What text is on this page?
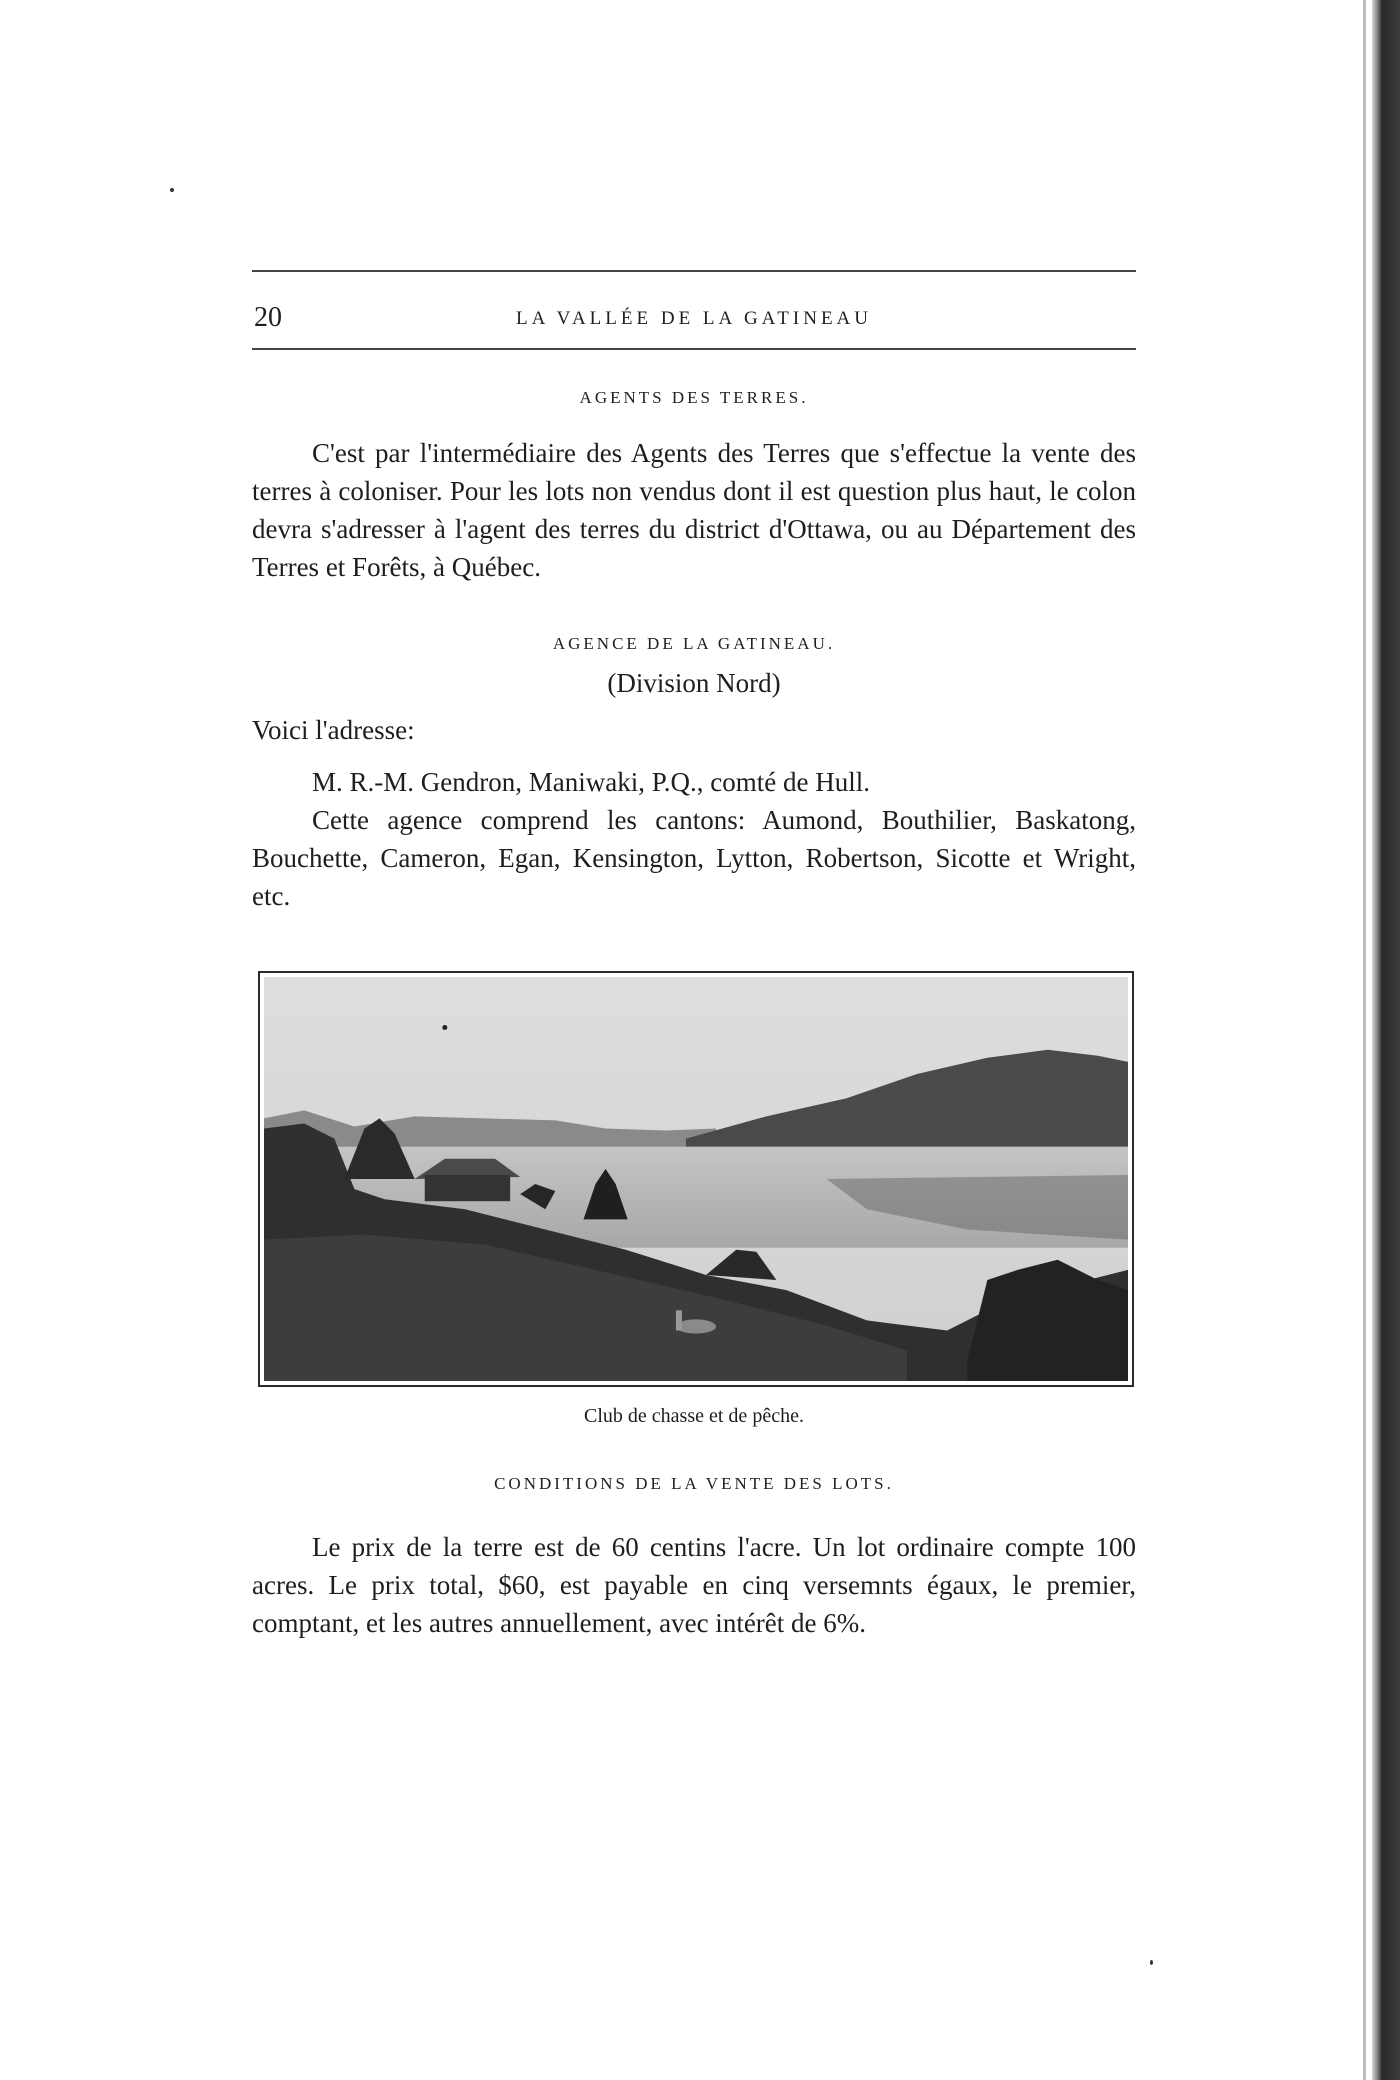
20	LA VALLÉE DE LA GATINEAU
AGENTS DES TERRES.

C'est par l'intermédiaire des Agents des Terres que s'effectue la vente des terres à coloniser. Pour les lots non vendus dont il est question plus haut, le colon devra s'adresser à l'agent des terres du district d'Ottawa, ou au Département des Terres et Forêts, à Québec.

AGENCE DE LA GATINEAU.
(Division Nord)

Voici l'adresse:

M. R.-M. Gendron, Maniwaki, P.Q., comté de Hull.

Cette agence comprend les cantons: Aumond, Bouthilier, Baskatong, Bouchette, Cameron, Egan, Kensington, Lytton, Robertson, Sicotte et Wright, etc.

Club de chasse et de pêche.
CONDITIONS DE LA VENTE DES LOTS.

Le prix de la terre est de 60 centins l'acre. Un lot ordinaire compte 100 acres. Le prix total, $60, est payable en cinq versemnts égaux, le premier, comptant, et les autres annuellement, avec intérêt de 6%.
